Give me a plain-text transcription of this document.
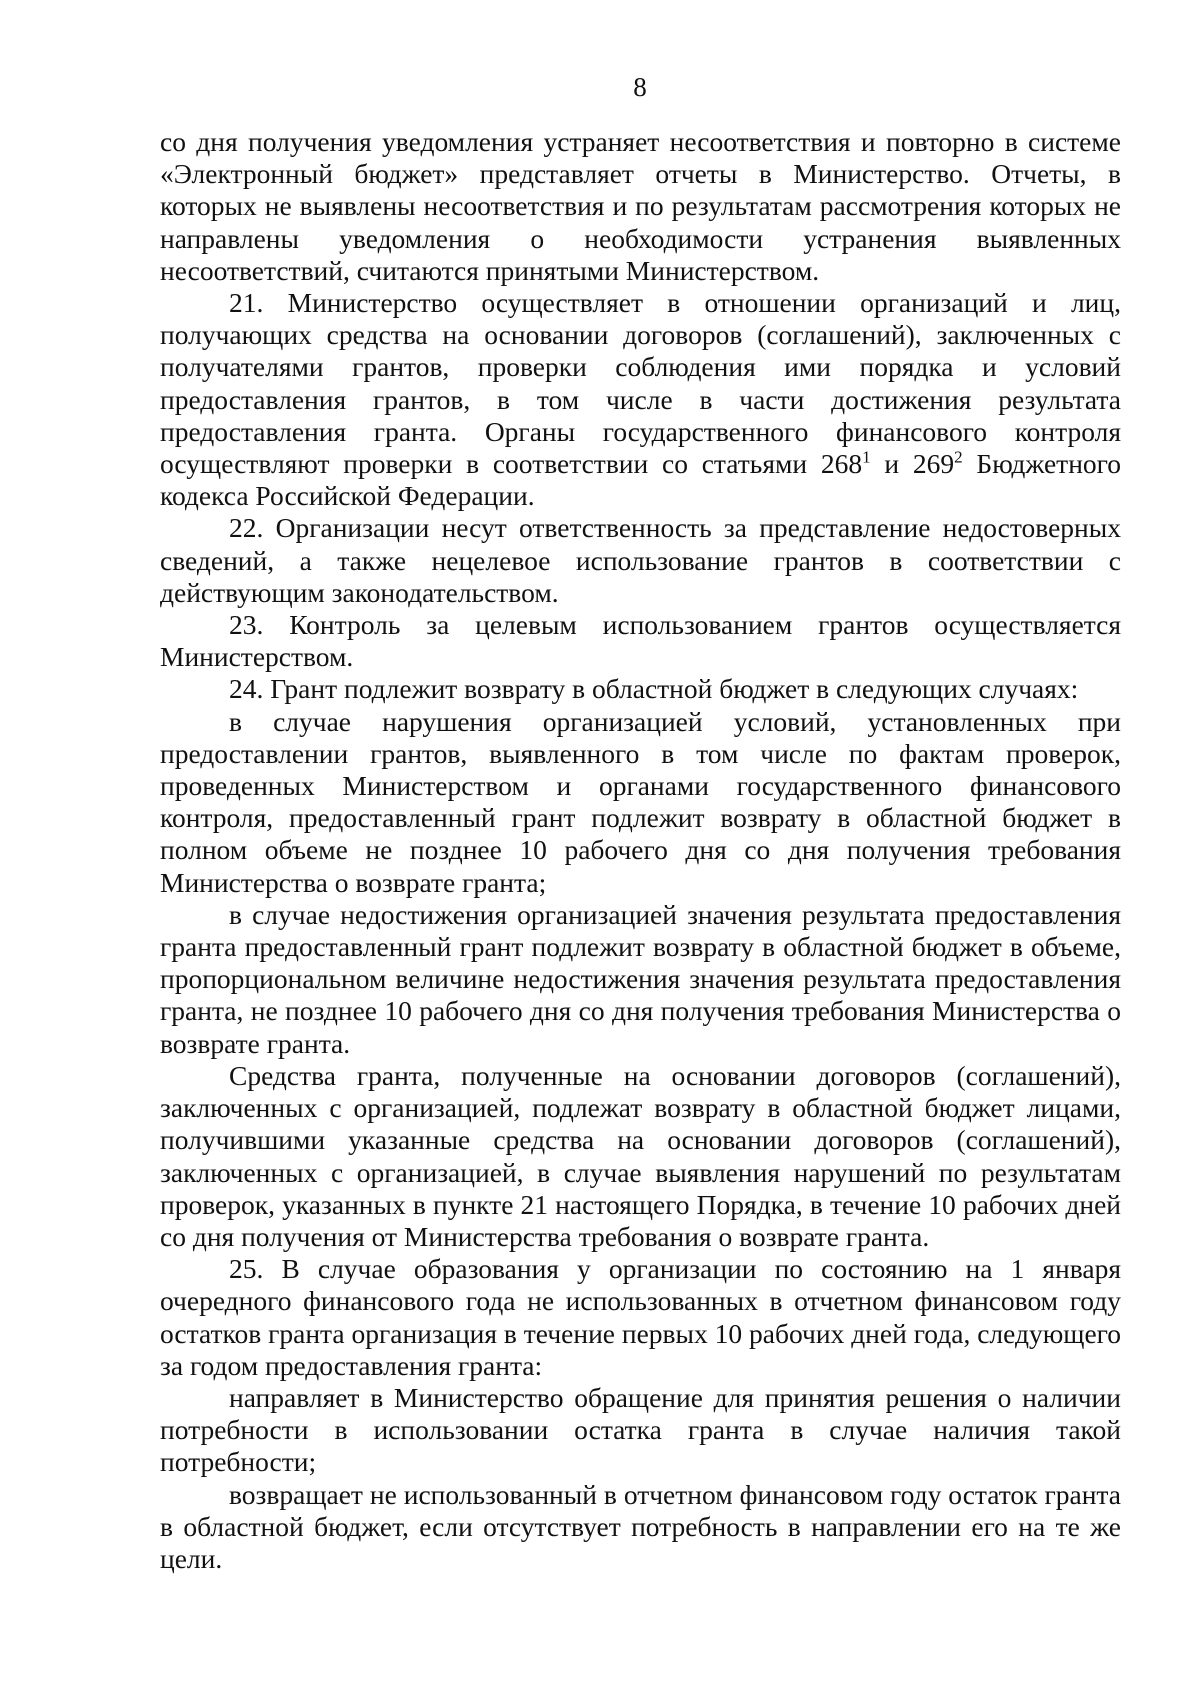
8

со дня получения уведомления устраняет несоответствия и повторно в системе «Электронный бюджет» представляет отчеты в Министерство. Отчеты, в которых не выявлены несоответствия и по результатам рассмотрения которых не направлены уведомления о необходимости устранения выявленных несоответствий, считаются принятыми Министерством.

21. Министерство осуществляет в отношении организаций и лиц, получающих средства на основании договоров (соглашений), заключенных с получателями грантов, проверки соблюдения ими порядка и условий предоставления грантов, в том числе в части достижения результата предоставления гранта. Органы государственного финансового контроля осуществляют проверки в соответствии со статьями $268^1$ и $269^2$ Бюджетного кодекса Российской Федерации.

22. Организации несут ответственность за представление недостоверных сведений, а также нецелевое использование грантов в соответствии с действующим законодательством.

23. Контроль за целевым использованием грантов осуществляется Министерством.

24. Грант подлежит возврату в областной бюджет в следующих случаях:

в случае нарушения организацией условий, установленных при предоставлении грантов, выявленного в том числе по фактам проверок, проведенных Министерством и органами государственного финансового контроля, предоставленный грант подлежит возврату в областной бюджет в полном объеме не позднее 10 рабочего дня со дня получения требования Министерства о возврате гранта;

в случае недостижения организацией значения результата предоставления гранта предоставленный грант подлежит возврату в областной бюджет в объеме, пропорциональном величине недостижения значения результата предоставления гранта, не позднее 10 рабочего дня со дня получения требования Министерства о возврате гранта.

Средства гранта, полученные на основании договоров (соглашений), заключенных с организацией, подлежат возврату в областной бюджет лицами, получившими указанные средства на основании договоров (соглашений), заключенных с организацией, в случае выявления нарушений по результатам проверок, указанных в пункте 21 настоящего Порядка, в течение 10 рабочих дней со дня получения от Министерства требования о возврате гранта.

25. В случае образования у организации по состоянию на 1 января очередного финансового года не использованных в отчетном финансовом году остатков гранта организация в течение первых 10 рабочих дней года, следующего за годом предоставления гранта:

направляет в Министерство обращение для принятия решения о наличии потребности в использовании остатка гранта в случае наличия такой потребности;

возвращает не использованный в отчетном финансовом году остаток гранта в областной бюджет, если отсутствует потребность в направлении его на те же цели.
